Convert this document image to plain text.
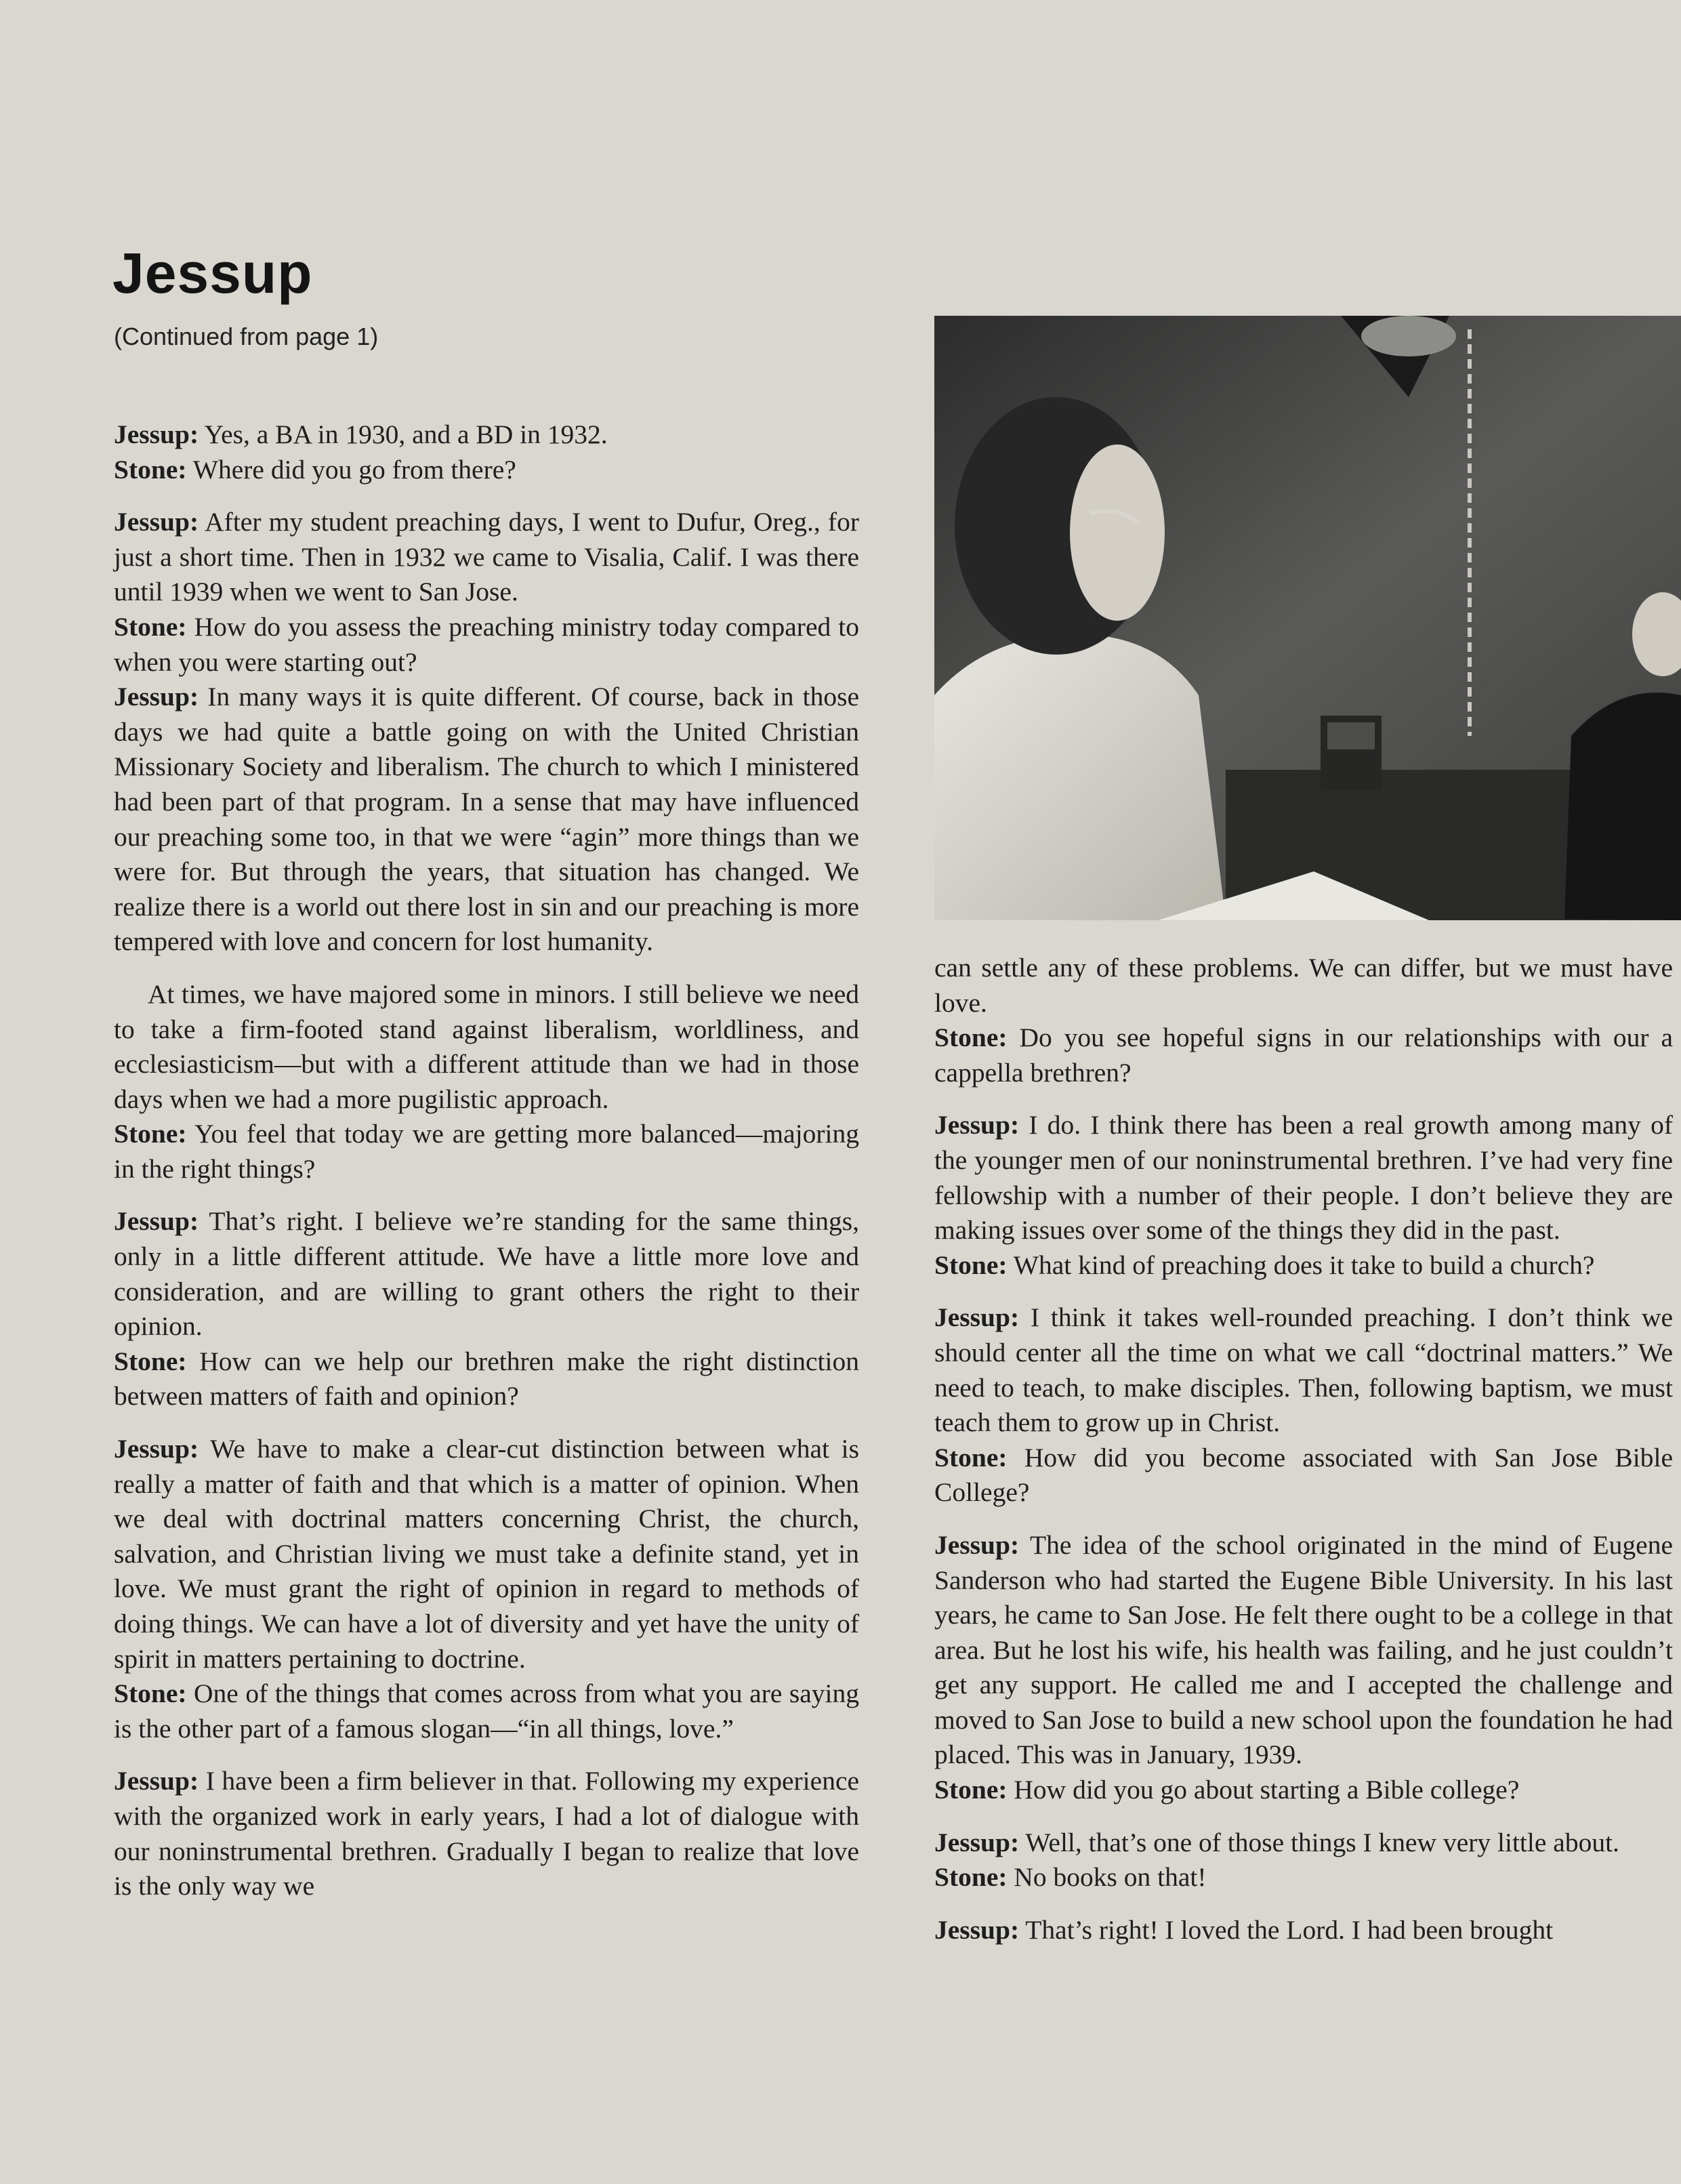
Jessup
(Continued from page 1)

Jessup: Yes, a BA in 1930, and a BD in 1932.
Stone: Where did you go from there?

Jessup: After my student preaching days, I went to Dufur, Oreg., for just a short time. Then in 1932 we came to Visalia, Calif. I was there until 1939 when we went to San Jose.
Stone: How do you assess the preaching ministry today compared to when you were starting out?
Jessup: In many ways it is quite different. Of course, back in those days we had quite a battle going on with the United Christian Missionary Society and liberalism. The church to which I ministered had been part of that program. In a sense that may have influenced our preaching some too, in that we were “agin” more things than we were for. But through the years, that situation has changed. We realize there is a world out there lost in sin and our preaching is more tempered with love and concern for lost humanity.

At times, we have majored some in minors. I still believe we need to take a firm-footed stand against liberalism, worldliness, and ecclesiasticism—but with a different attitude than we had in those days when we had a more pugilistic approach.
Stone: You feel that today we are getting more balanced—majoring in the right things?

Jessup: That’s right. I believe we’re standing for the same things, only in a little different attitude. We have a little more love and consideration, and are willing to grant others the right to their opinion.
Stone: How can we help our brethren make the right distinction between matters of faith and opinion?

Jessup: We have to make a clear-cut distinction between what is really a matter of faith and that which is a matter of opinion. When we deal with doctrinal matters concerning Christ, the church, salvation, and Christian living we must take a definite stand, yet in love. We must grant the right of opinion in regard to methods of doing things. We can have a lot of diversity and yet have the unity of spirit in matters pertaining to doctrine.
Stone: One of the things that comes across from what you are saying is the other part of a famous slogan—“in all things, love.”

Jessup: I have been a firm believer in that. Following my experience with the organized work in early years, I had a lot of dialogue with our noninstrumental brethren. Gradually I began to realize that love is the only way we

can settle any of these problems. We can differ, but we must have love.
Stone: Do you see hopeful signs in our relationships with our a cappella brethren?

Jessup: I do. I think there has been a real growth among many of the younger men of our noninstrumental brethren. I’ve had very fine fellowship with a number of their people. I don’t believe they are making issues over some of the things they did in the past.
Stone: What kind of preaching does it take to build a church?

Jessup: I think it takes well-rounded preaching. I don’t think we should center all the time on what we call “doctrinal matters.” We need to teach, to make disciples. Then, following baptism, we must teach them to grow up in Christ.
Stone: How did you become associated with San Jose Bible College?

Jessup: The idea of the school originated in the mind of Eugene Sanderson who had started the Eugene Bible University. In his last years, he came to San Jose. He felt there ought to be a college in that area. But he lost his wife, his health was failing, and he just couldn’t get any support. He called me and I accepted the challenge and moved to San Jose to build a new school upon the foundation he had placed. This was in January, 1939.
Stone: How did you go about starting a Bible college?

Jessup: Well, that’s one of those things I knew very little about.
Stone: No books on that!

Jessup: That’s right! I loved the Lord. I had been brought
